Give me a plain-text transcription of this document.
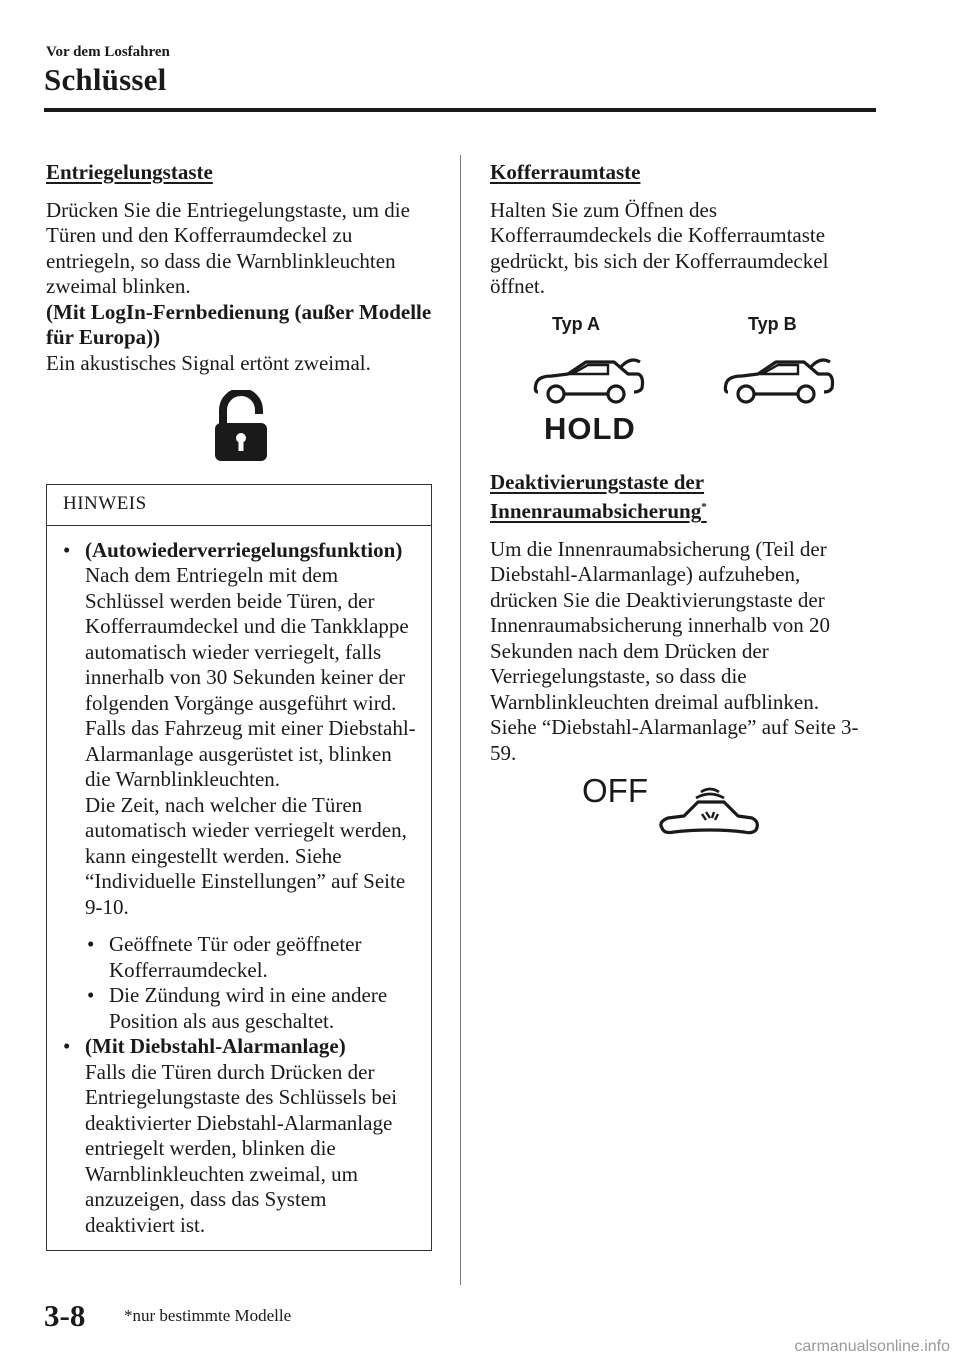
Vor dem Losfahren
Schlüssel
Entriegelungstaste

Drücken Sie die Entriegelungstaste, um die Türen und den Kofferraumdeckel zu entriegeln, so dass die Warnblinkleuchten zweimal blinken.

(Mit LogIn-Fernbedienung (außer Modelle für Europa))

Ein akustisches Signal ertönt zweimal.

HINWEIS
• (Autowiederverriegelungsfunktion)
Nach dem Entriegeln mit dem Schlüssel werden beide Türen, der Kofferraumdeckel und die Tankklappe automatisch wieder verriegelt, falls innerhalb von 30 Sekunden keiner der folgenden Vorgänge ausgeführt wird. Falls das Fahrzeug mit einer Diebstahl-Alarmanlage ausgerüstet ist, blinken die Warnblinkleuchten.
Die Zeit, nach welcher die Türen automatisch wieder verriegelt werden, kann eingestellt werden. Siehe “Individuelle Einstellungen” auf Seite 9-10.
• Geöffnete Tür oder geöffneter Kofferraumdeckel.
• Die Zündung wird in eine andere Position als aus geschaltet.
• (Mit Diebstahl-Alarmanlage)
Falls die Türen durch Drücken der Entriegelungstaste des Schlüssels bei deaktivierter Diebstahl-Alarmanlage entriegelt werden, blinken die Warnblinkleuchten zweimal, um anzuzeigen, dass das System deaktiviert ist.
Kofferraumtaste

Halten Sie zum Öffnen des Kofferraumdeckels die Kofferraumtaste gedrückt, bis sich der Kofferraumdeckel öffnet.

Typ A	Typ B
HOLD
Deaktivierungstaste der
Innenraumabsicherung*

Um die Innenraumabsicherung (Teil der Diebstahl-Alarmanlage) aufzuheben, drücken Sie die Deaktivierungstaste der Innenraumabsicherung innerhalb von 20 Sekunden nach dem Drücken der Verriegelungstaste, so dass die Warnblinkleuchten dreimal aufblinken. Siehe “Diebstahl-Alarmanlage” auf Seite 3-59.

OFF
3-8 *nur bestimmte Modelle
carmanualsonline.info
